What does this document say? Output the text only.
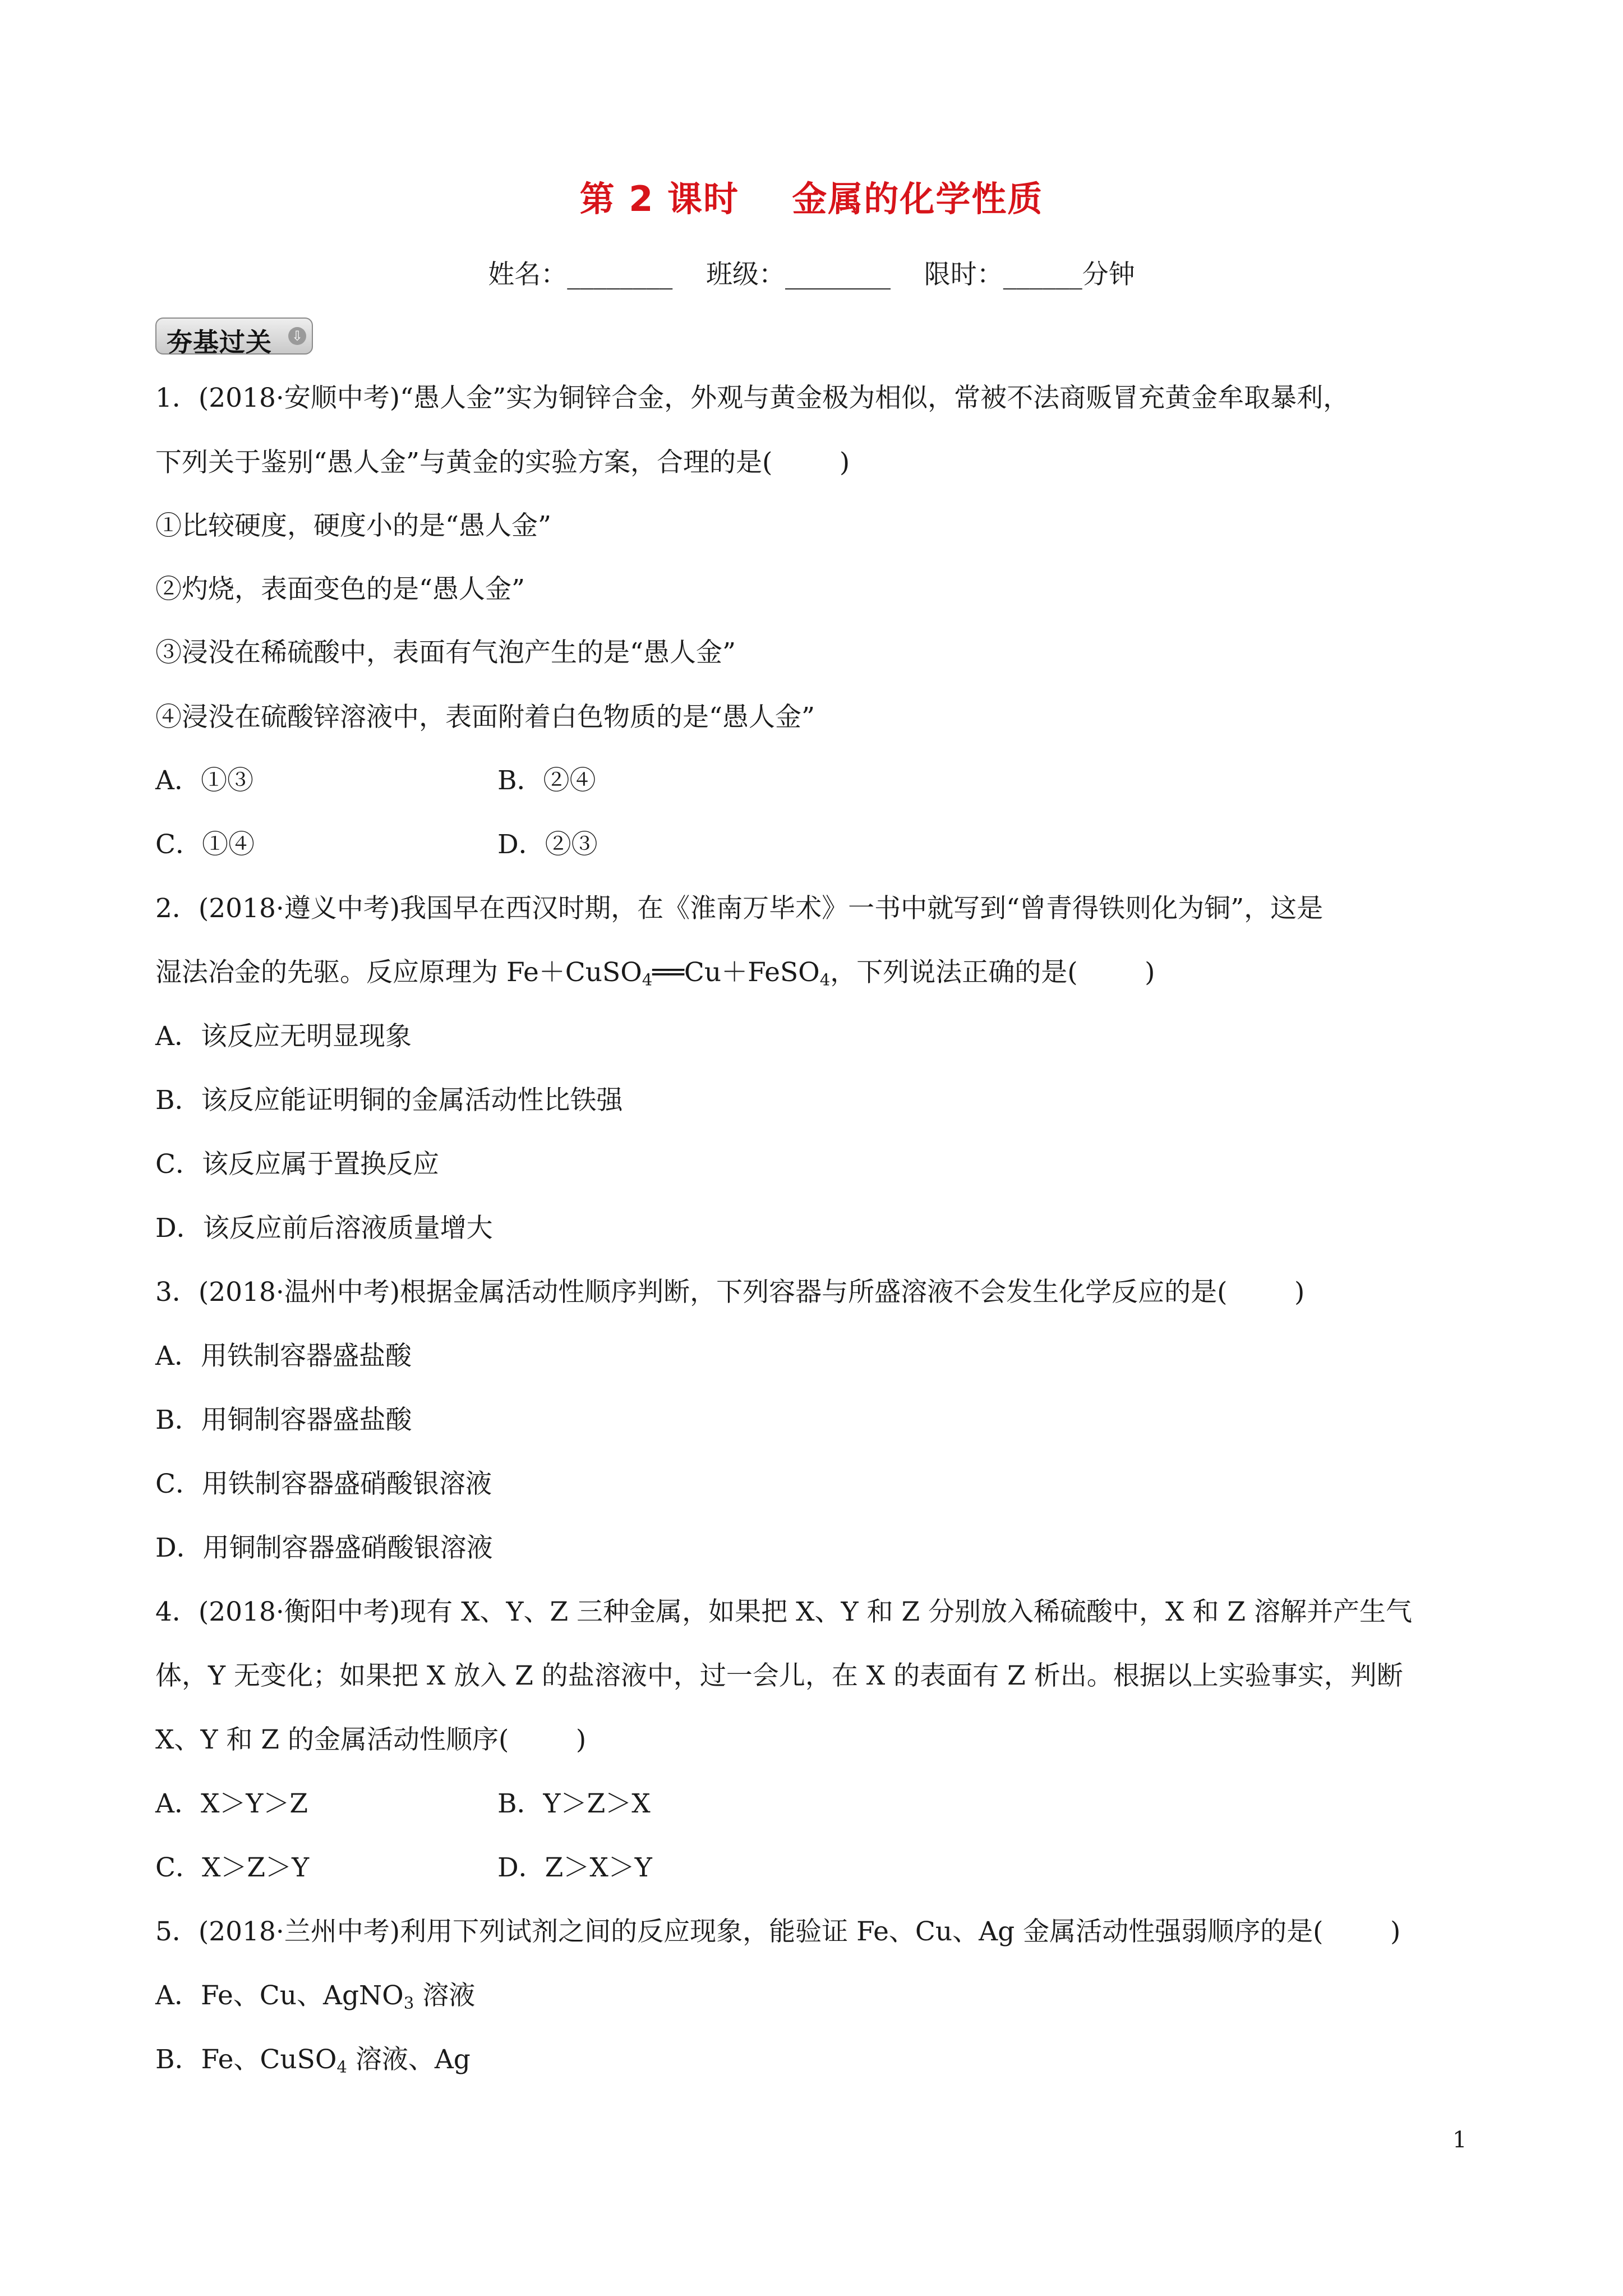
第 2 课时    金属的化学性质
姓名：________    班级：________    限时：______分钟
夯基过关 ⇩
1．(2018·安顺中考)“愚人金”实为铜锌合金，外观与黄金极为相似，常被不法商贩冒充黄金牟取暴利，
下列关于鉴别“愚人金”与黄金的实验方案，合理的是(        )
①比较硬度，硬度小的是“愚人金”
②灼烧，表面变色的是“愚人金”
③浸没在稀硫酸中，表面有气泡产生的是“愚人金”
④浸没在硫酸锌溶液中，表面附着白色物质的是“愚人金”
A．①③	B．②④
C．①④	D．②③
2．(2018·遵义中考)我国早在西汉时期，在《淮南万毕术》一书中就写到“曾青得铁则化为铜”，这是
湿法冶金的先驱。反应原理为 Fe＋CuSO$_4$══Cu＋FeSO$_4$，下列说法正确的是(        )
A．该反应无明显现象
B．该反应能证明铜的金属活动性比铁强
C．该反应属于置换反应
D．该反应前后溶液质量增大
3．(2018·温州中考)根据金属活动性顺序判断，下列容器与所盛溶液不会发生化学反应的是(        )
A．用铁制容器盛盐酸
B．用铜制容器盛盐酸
C．用铁制容器盛硝酸银溶液
D．用铜制容器盛硝酸银溶液
4．(2018·衡阳中考)现有 X、Y、Z 三种金属，如果把 X、Y 和 Z 分别放入稀硫酸中，X 和 Z 溶解并产生气
体，Y 无变化；如果把 X 放入 Z 的盐溶液中，过一会儿，在 X 的表面有 Z 析出。根据以上实验事实，判断
X、Y 和 Z 的金属活动性顺序(        )
A．X＞Y＞Z	B．Y＞Z＞X
C．X＞Z＞Y	D．Z＞X＞Y
5．(2018·兰州中考)利用下列试剂之间的反应现象，能验证 Fe、Cu、Ag 金属活动性强弱顺序的是(        )
A．Fe、Cu、AgNO$_3$ 溶液
B．Fe、CuSO$_4$ 溶液、Ag
1
